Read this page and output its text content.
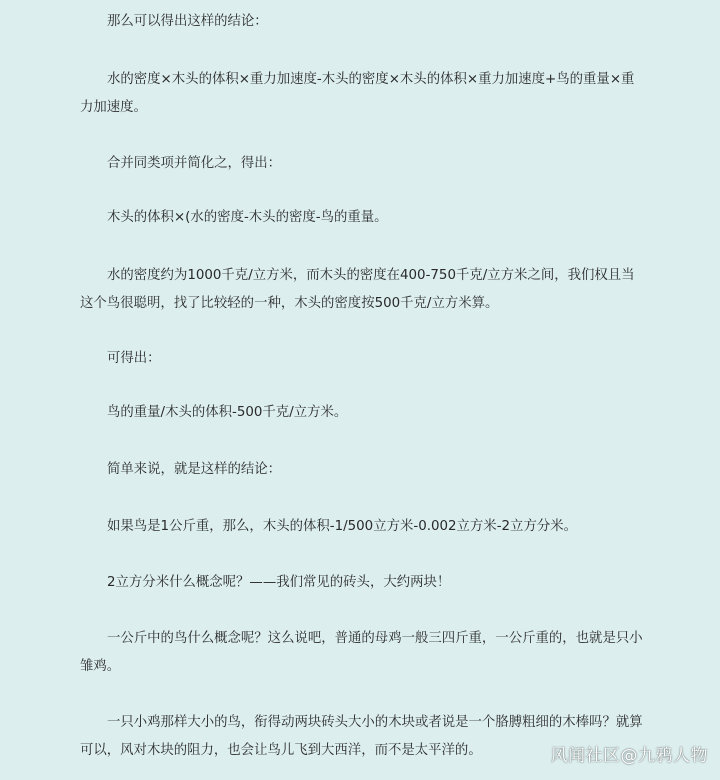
那么可以得出这样的结论：

水的密度×木头的体积×重力加速度-木头的密度×木头的体积×重力加速度+鸟的重量×重力加速度。

合并同类项并简化之，得出：

木头的体积×(水的密度-木头的密度-鸟的重量。

水的密度约为1000千克/立方米，而木头的密度在400-750千克/立方米之间，我们权且当这个鸟很聪明，找了比较轻的一种，木头的密度按500千克/立方米算。

可得出：

鸟的重量/木头的体积-500千克/立方米。

简单来说，就是这样的结论：

如果鸟是1公斤重，那么，木头的体积-1/500立方米-0.002立方米-2立方分米。

2立方分米什么概念呢？——我们常见的砖头，大约两块！

一公斤中的鸟什么概念呢？这么说吧，普通的母鸡一般三四斤重，一公斤重的，也就是只小雏鸡。

一只小鸡那样大小的鸟，衔得动两块砖头大小的木块或者说是一个胳膊粗细的木棒吗？就算可以，风对木块的阻力，也会让鸟儿飞到大西洋，而不是太平洋的。	风闻社区@九鸦人物
